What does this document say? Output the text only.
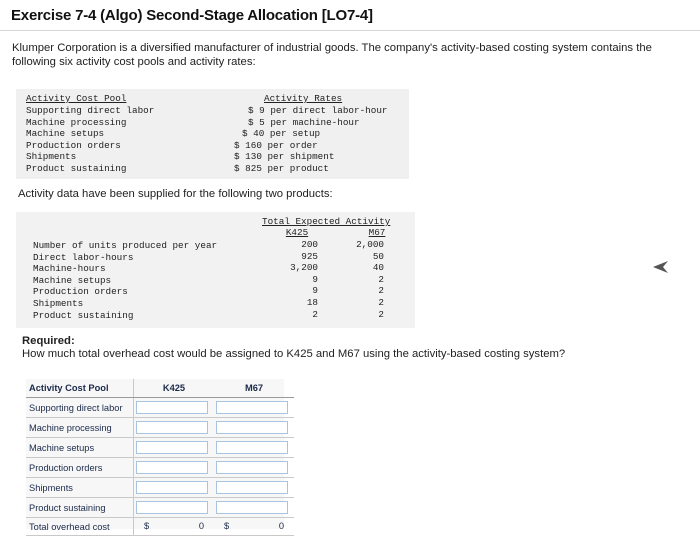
Exercise 7-4 (Algo) Second-Stage Allocation [LO7-4]
Klumper Corporation is a diversified manufacturer of industrial goods. The company's activity-based costing system contains the following six activity cost pools and activity rates:
Activity Cost Pool	Activity Rates
Supporting direct labor	$ 9 per direct labor-hour
Machine processing	$ 5 per machine-hour
Machine setups	$ 40 per setup
Production orders	$ 160 per order
Shipments	$ 130 per shipment
Product sustaining	$ 825 per product
Activity data have been supplied for the following two products:
Total Expected Activity
K425	M67
Number of units produced per year	200	2,000
Direct labor-hours	925	50
Machine-hours	3,200	40
Machine setups	9	2
Production orders	9	2
Shipments	18	2
Product sustaining	2	2
Required:
How much total overhead cost would be assigned to K425 and M67 using the activity-based costing system?
Activity Cost Pool	K425	M67
Supporting direct labor	

Machine processing	

Machine setups	

Production orders	

Shipments	

Product sustaining	

Total overhead cost	$ 0	$ 0
